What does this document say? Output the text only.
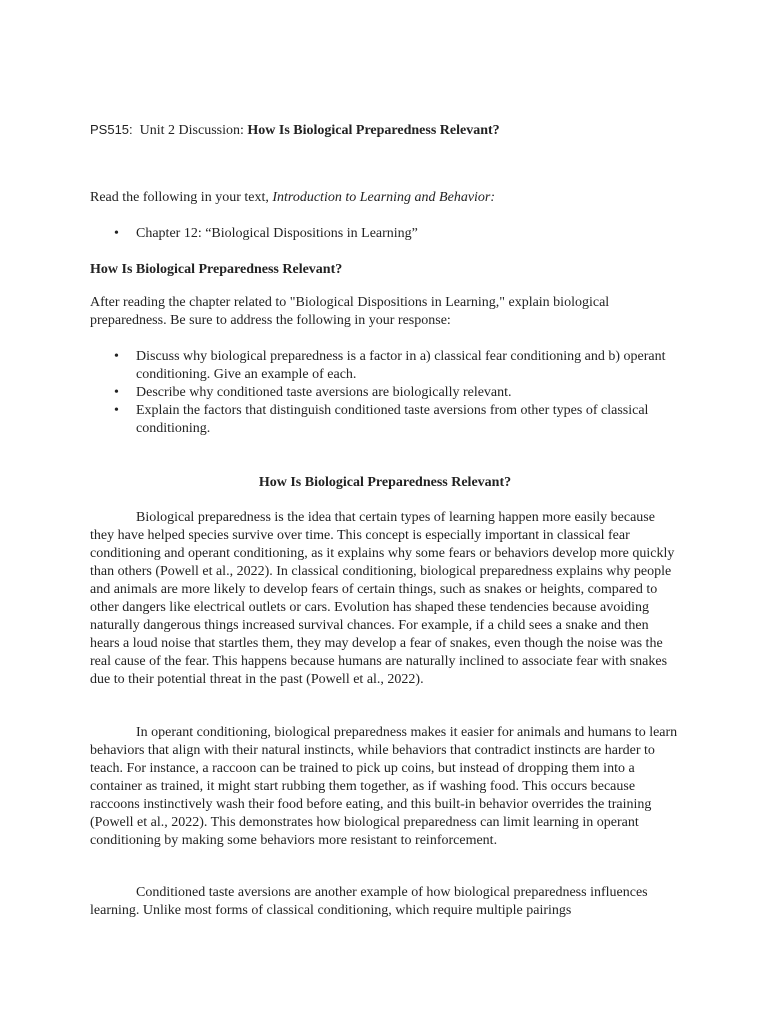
PS515: Unit 2 Discussion: How Is Biological Preparedness Relevant?
Read the following in your text, Introduction to Learning and Behavior:
• Chapter 12: “Biological Dispositions in Learning”
How Is Biological Preparedness Relevant?
After reading the chapter related to "Biological Dispositions in Learning," explain biological preparedness. Be sure to address the following in your response:
• Discuss why biological preparedness is a factor in a) classical fear conditioning and b) operant conditioning. Give an example of each.
• Describe why conditioned taste aversions are biologically relevant.
• Explain the factors that distinguish conditioned taste aversions from other types of classical conditioning.
How Is Biological Preparedness Relevant?

Biological preparedness is the idea that certain types of learning happen more easily because they have helped species survive over time. This concept is especially important in classical fear conditioning and operant conditioning, as it explains why some fears or behaviors develop more quickly than others (Powell et al., 2022). In classical conditioning, biological preparedness explains why people and animals are more likely to develop fears of certain things, such as snakes or heights, compared to other dangers like electrical outlets or cars. Evolution has shaped these tendencies because avoiding naturally dangerous things increased survival chances. For example, if a child sees a snake and then hears a loud noise that startles them, they may develop a fear of snakes, even though the noise was the real cause of the fear. This happens because humans are naturally inclined to associate fear with snakes due to their potential threat in the past (Powell et al., 2022).

In operant conditioning, biological preparedness makes it easier for animals and humans to learn behaviors that align with their natural instincts, while behaviors that contradict instincts are harder to teach. For instance, a raccoon can be trained to pick up coins, but instead of dropping them into a container as trained, it might start rubbing them together, as if washing food. This occurs because raccoons instinctively wash their food before eating, and this built-in behavior overrides the training (Powell et al., 2022). This demonstrates how biological preparedness can limit learning in operant conditioning by making some behaviors more resistant to reinforcement.

Conditioned taste aversions are another example of how biological preparedness influences learning. Unlike most forms of classical conditioning, which require multiple pairings
